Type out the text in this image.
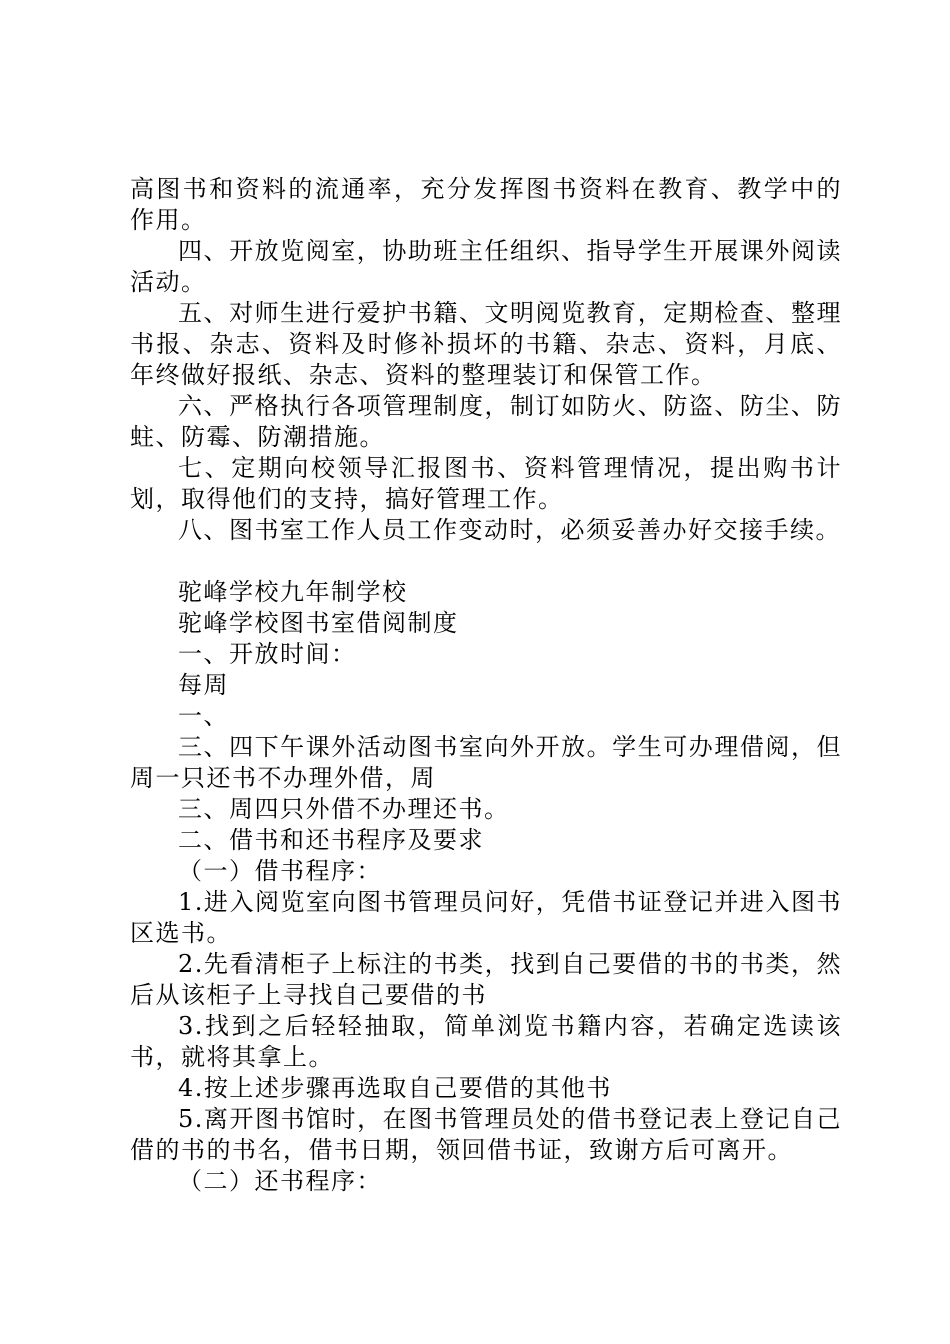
高图书和资料的流通率，充分发挥图书资料在教育、教学中的作用。

四、开放览阅室，协助班主任组织、指导学生开展课外阅读活动。

五、对师生进行爱护书籍、文明阅览教育，定期检查、整理书报、杂志、资料及时修补损坏的书籍、杂志、资料，月底、年终做好报纸、杂志、资料的整理装订和保管工作。

六、严格执行各项管理制度，制订如防火、防盗、防尘、防蛀、防霉、防潮措施。

七、定期向校领导汇报图书、资料管理情况，提出购书计划，取得他们的支持，搞好管理工作。

八、图书室工作人员工作变动时，必须妥善办好交接手续。

驼峰学校九年制学校

驼峰学校图书室借阅制度

一、开放时间：

每周

一、

三、四下午课外活动图书室向外开放。学生可办理借阅，但周一只还书不办理外借，周

三、周四只外借不办理还书。

二、借书和还书程序及要求

（一）借书程序：

1.进入阅览室向图书管理员问好，凭借书证登记并进入图书区选书。

2.先看清柜子上标注的书类，找到自己要借的书的书类，然后从该柜子上寻找自己要借的书

3.找到之后轻轻抽取，简单浏览书籍内容，若确定选读该书，就将其拿上。

4.按上述步骤再选取自己要借的其他书

5.离开图书馆时，在图书管理员处的借书登记表上登记自己借的书的书名，借书日期，领回借书证，致谢方后可离开。

（二）还书程序：
